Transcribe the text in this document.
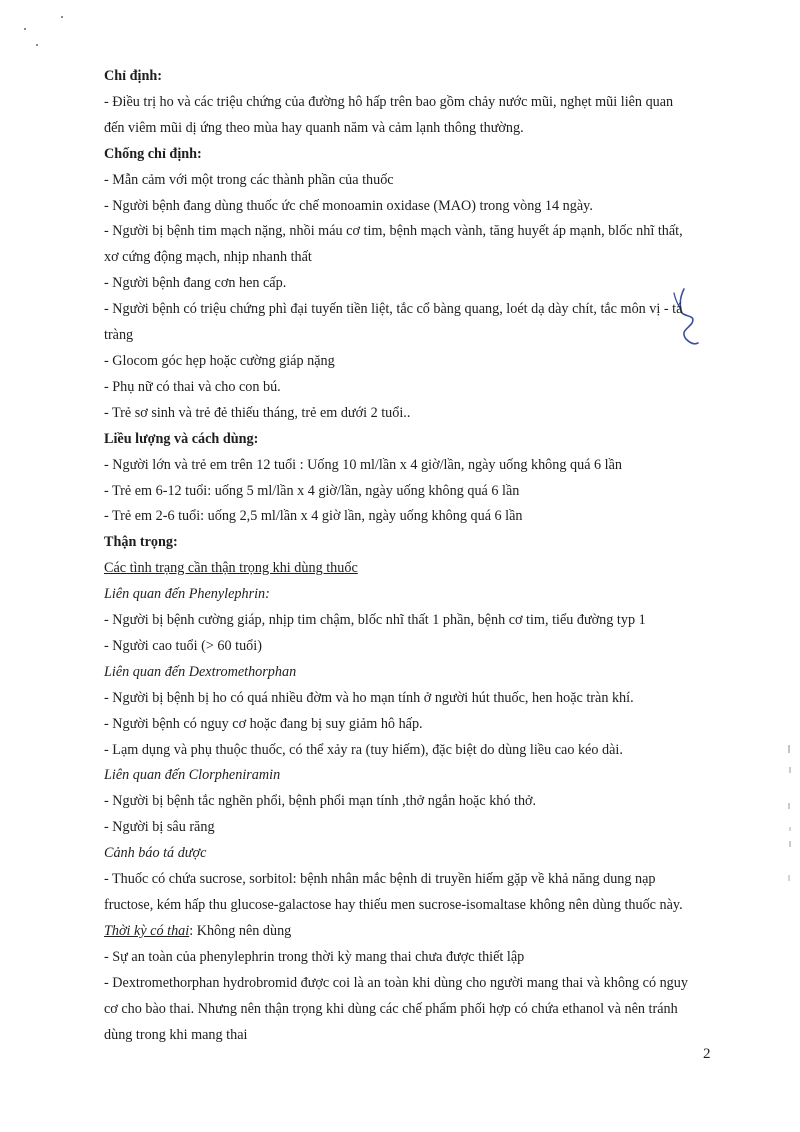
Chỉ định:

- Điều trị ho và các triệu chứng của đường hô hấp trên bao gồm chảy nước mũi, nghẹt mũi liên quan

đến viêm mũi dị ứng theo mùa hay quanh năm và cảm lạnh thông thường.

Chống chỉ định:

- Mẫn cảm với một trong các thành phần của thuốc

- Người bệnh đang dùng thuốc ức chế monoamin oxidase (MAO) trong vòng 14 ngày.

- Người bị bệnh tim mạch nặng, nhồi máu cơ tim, bệnh mạch vành, tăng huyết áp mạnh, blốc nhĩ thất,

xơ cứng động mạch, nhịp nhanh thất

- Người bệnh đang cơn hen cấp.

- Người bệnh có triệu chứng phì đại tuyến tiền liệt, tắc cổ bàng quang, loét dạ dày chít, tắc môn vị - tá

tràng

- Glocom góc hẹp hoặc cường giáp nặng

- Phụ nữ có thai và cho con bú.

- Trẻ sơ sinh và trẻ đẻ thiếu tháng, trẻ em dưới 2 tuổi..

Liều lượng và cách dùng:

- Người lớn và trẻ em trên 12 tuổi : Uống 10 ml/lần x 4 giờ/lần, ngày uống không quá 6 lần

- Trẻ em 6-12 tuổi: uống 5 ml/lần x 4 giờ/lần, ngày uống không quá 6 lần

- Trẻ em 2-6 tuổi: uống 2,5 ml/lần x 4 giờ lần, ngày uống không quá 6 lần

Thận trọng:

Các tình trạng cần thận trọng khi dùng thuốc

Liên quan đến Phenylephrin:

- Người bị bệnh cường giáp, nhịp tim chậm, blốc nhĩ thất 1 phần, bệnh cơ tim, tiểu đường typ 1

- Người cao tuổi (> 60 tuổi)

Liên quan đến Dextromethorphan

- Người bị bệnh bị ho có quá nhiều đờm và ho mạn tính ở người hút thuốc, hen hoặc tràn khí.

- Người bệnh có nguy cơ hoặc đang bị suy giảm hô hấp.

- Lạm dụng và phụ thuộc thuốc, có thể xảy ra (tuy hiếm), đặc biệt do dùng liều cao kéo dài.

Liên quan đến Clorpheniramin

- Người bị bệnh tắc nghẽn phổi, bệnh phổi mạn tính ,thở ngắn hoặc khó thở.

- Người bị sâu răng

Cảnh báo tá dược

- Thuốc có chứa sucrose, sorbitol: bệnh nhân mắc bệnh di truyền hiếm gặp về khả năng dung nạp

fructose, kém hấp thu glucose-galactose hay thiếu men sucrose-isomaltase không nên dùng thuốc này.

Thời kỳ có thai: Không nên dùng

- Sự an toàn của phenylephrin trong thời kỳ mang thai chưa được thiết lập

- Dextromethorphan hydrobromid được coi là an toàn khi dùng cho người mang thai và không có nguy

cơ cho bào thai. Nhưng nên thận trọng khi dùng các chế phẩm phối hợp có chứa ethanol và nên tránh

dùng trong khi mang thai

2
